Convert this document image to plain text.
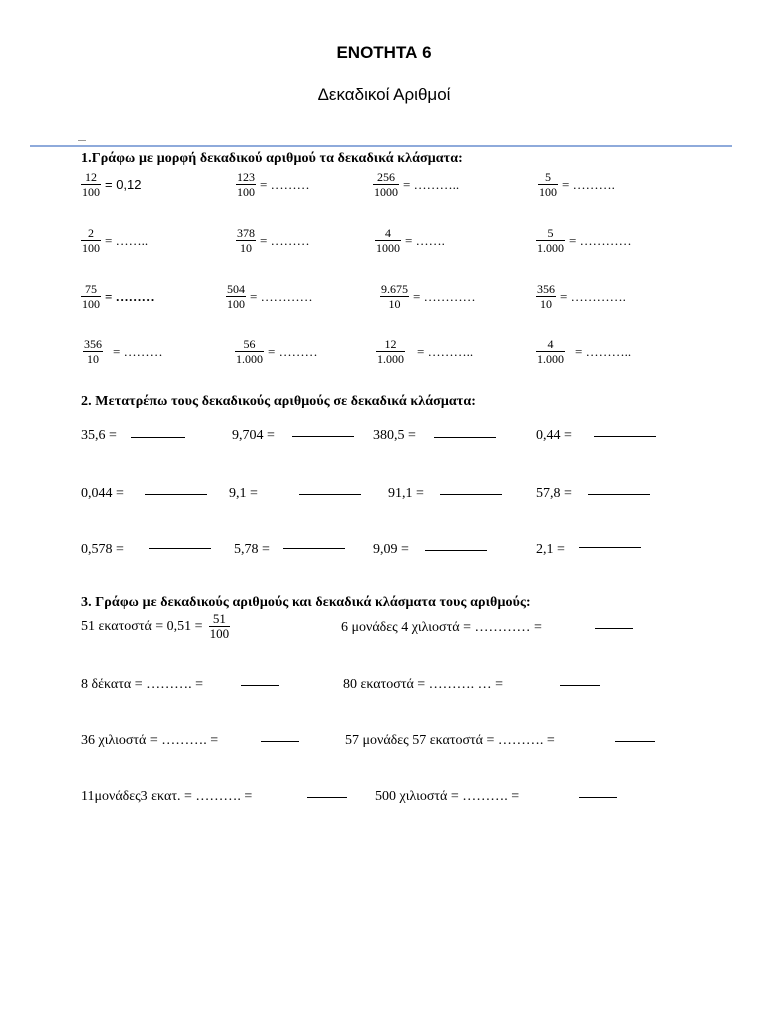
ΕΝΟΤΗΤΑ 6
Δεκαδικοί Αριθμοί
1.Γράφω με μορφή δεκαδικού αριθμού τα δεκαδικά κλάσματα:
$\frac{12}{100} = 0,12$	$\frac{123}{100}$ = ………	$\frac{256}{1000}$ = ………..	$\frac{5}{100}$ = ……….
$\frac{2}{100}$ = ……..	$\frac{378}{10}$ = ………	$\frac{4}{1000}$ = …….	$\frac{5}{1.000}$ = …………
$\frac{75}{100}$ = ………	$\frac{504}{100}$ = …………	$\frac{9.675}{10}$ = …………	$\frac{356}{10}$ = ………….
$\frac{356}{10}$ = ………	$\frac{56}{1.000}$ = ………	$\frac{12}{1.000}$ = ………..	$\frac{4}{1.000}$ = ………..
2. Μετατρέπω τους δεκαδικούς αριθμούς σε δεκαδικά κλάσματα:
35,6 =	9,704 =	380,5 =	0,44 =
0,044 =	9,1 =	91,1 =	57,8 =
0,578 =	5,78 =	9,09 =	2,1 =
3. Γράφω με δεκαδικούς αριθμούς και δεκαδικά κλάσματα τους αριθμούς:
51 $\varepsilon\kappa\alpha\tau o\sigma\tau ά = 0,51 = \frac{51}{100}$	6 μονάδες 4 χιλιοστά = ………… =
8 δέκατα = ………. =	80 εκατοστά = ………. … =
36 χιλιοστά = ………. =	57 μονάδες 57 εκατοστά = ………. =
11μονάδες3 εκατ. = ………. =	500 χιλιοστά = ………. =
